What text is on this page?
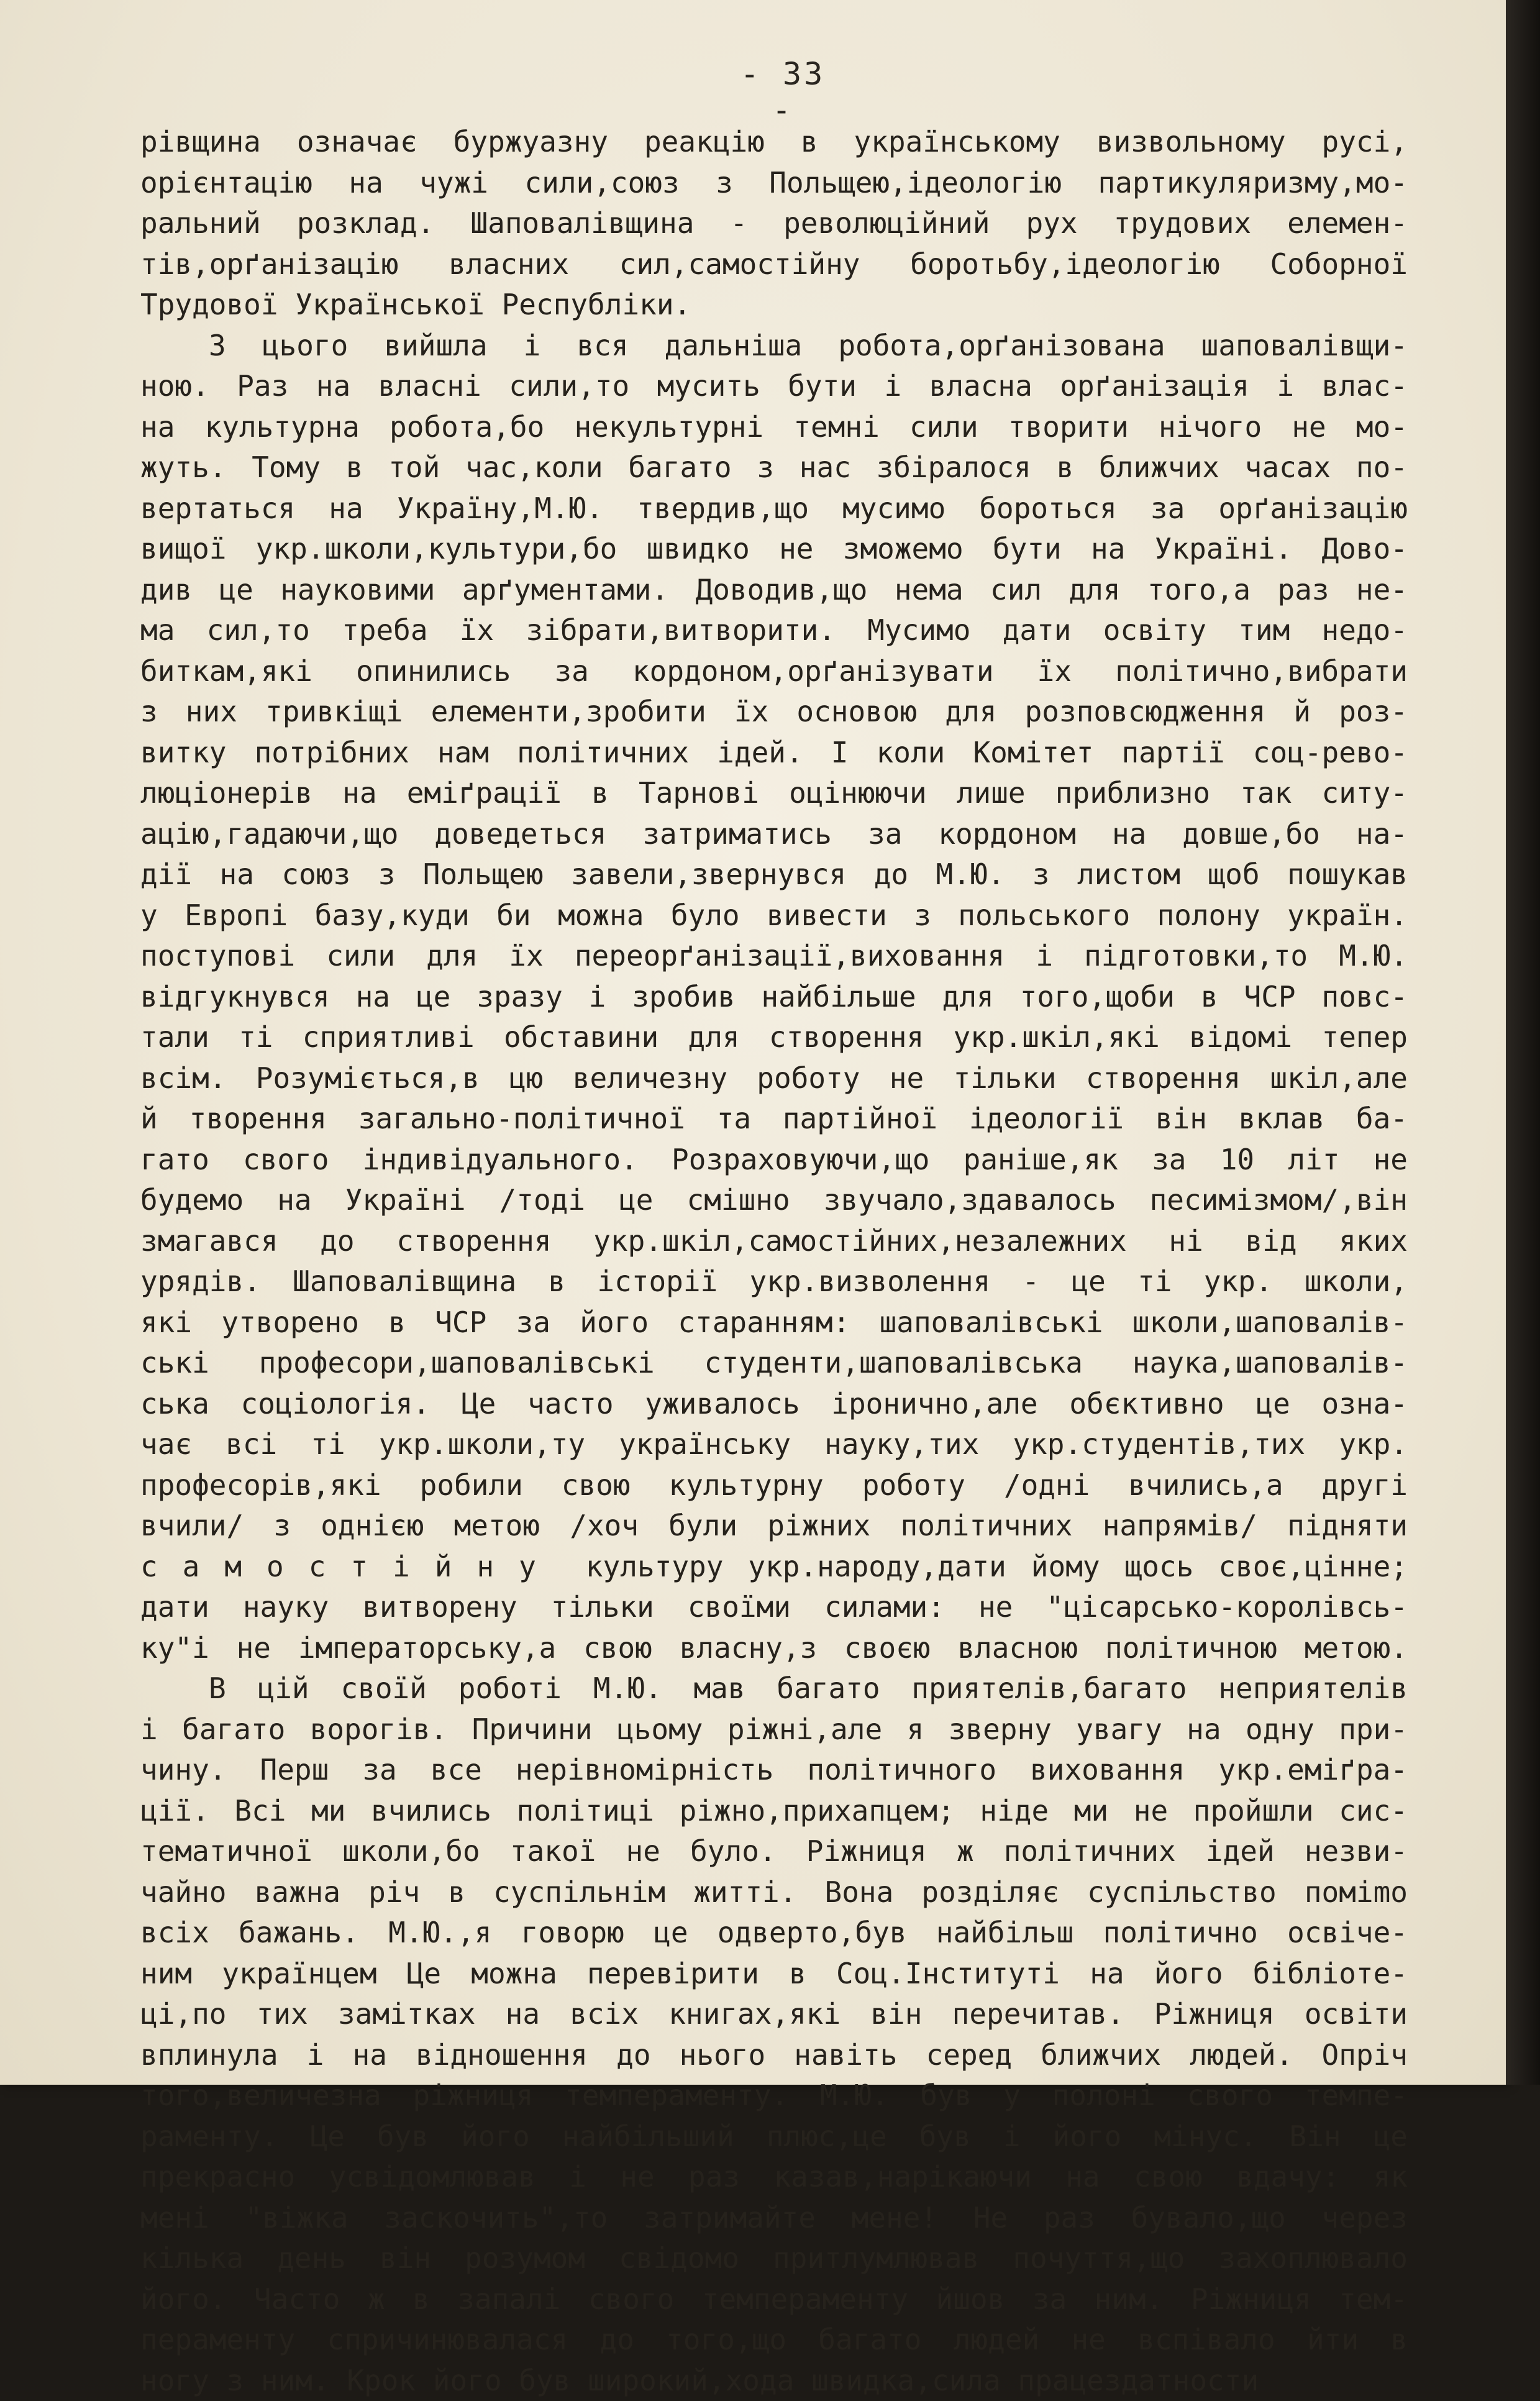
- 33 -
рівщина означає буржуазну реакцію в українському визвольному русі,
орієнтацію на чужі сили,союз з Польщею,ідеологію партикуляризму,мо-
ральний розклад. Шаповалівщина - революційний рух трудових елемен-
тів,орґанізацію власних сил,самостійну боротьбу,ідеологію Соборної
Трудової Української Республіки.
З цього вийшла і вся дальніша робота,орґанізована шаповалівщи-
ною. Раз на власні сили,то мусить бути і власна орґанізація і влас-
на культурна робота,бо некультурні темні сили творити нічого не мо-
жуть. Тому в той час,коли багато з нас збіралося в ближчих часах по-
вертаться на Україну,М.Ю. твердив,що мусимо бороться за орґанізацію
вищої укр.школи,культури,бо швидко не зможемо бути на Україні. Дово-
див це науковими арґументами. Доводив,що нема сил для того,а раз не-
ма сил,то треба їх зібрати,витворити. Мусимо дати освіту тим недо-
биткам,які опинились за кордоном,орґанізувати їх політично,вибрати
з них тривкіщі елементи,зробити їх основою для розповсюдження й роз-
витку потрібних нам політичних ідей. І коли Комітет партії соц-рево-
люціонерів на еміґрації в Тарнові оцінюючи лише приблизно так ситу-
ацію,гадаючи,що доведеться затриматись за кордоном на довше,бо на-
дії на союз з Польщею завели,звернувся до М.Ю. з листом щоб пошукав
у Европі базу,куди би можна було вивести з польського полону україн.
поступові сили для їх переорґанізації,виховання і підготовки,то М.Ю.
відгукнувся на це зразу і зробив найбільше для того,щоби в ЧСР повс-
тали ті сприятливі обставини для створення укр.шкіл,які відомі тепер
всім. Розуміється,в цю величезну роботу не тільки створення шкіл,але
й творення загально-політичної та партійної ідеології він вклав ба-
гато свого індивідуального. Розраховуючи,що раніше,як за 10 літ не
будемо на Україні /тоді це смішно звучало,здавалось песимізмом/,він
змагався до створення укр.шкіл,самостійних,незалежних ні від яких
урядів. Шаповалівщина в історії укр.визволення - це ті укр. школи,
які утворено в ЧСР за його старанням: шаповалівські школи,шаповалів-
ські професори,шаповалівські студенти,шаповалівська наука,шаповалів-
ська соціологія. Це часто уживалось іронично,але обєктивно це озна-
чає всі ті укр.школи,ту українську науку,тих укр.студентів,тих укр.
професорів,які робили свою культурну роботу /одні вчились,а другі
вчили/ з однією метою /хоч були ріжних політичних напрямів/ підняти
с а м о с т і й н у  культуру укр.народу,дати йому щось своє,цінне;
дати науку витворену тільки своїми силами: не "цісарсько-королівсь-
ку"і не імператорську,а свою власну,з своєю власною політичною метою.
В цій своїй роботі М.Ю. мав багато приятелів,багато неприятелів
і багато ворогів. Причини цьому ріжні,але я зверну увагу на одну при-
чину. Перш за все нерівномірність політичного виховання укр.еміґра-
ції. Всі ми вчились політиці ріжно,прихапцем; ніде ми не пройшли сис-
тематичної школи,бо такої не було. Ріжниця ж політичних ідей незви-
чайно важна річ в суспільнім житті. Вона розділяє суспільство поміmo
всіх бажань. М.Ю.,я говорю це одверто,був найбільш політично освіче-
ним українцем Це можна перевірити в Соц.Інституті на його бібліоте-
ці,по тих замітках на всіх книгах,які він перечитав. Ріжниця освіти
вплинула і на відношення до нього навіть серед ближчих людей. Опріч
того,величезна ріжниця темпераменту. М.Ю. був у полоні свого темпе-
раменту. Це був його найбільший плюс,це був і його мінус. Він це
прекрасно усвідомлював і не раз казав,нарікаючи на свою вдачу: як
мені "віжка заскочить",то затримайте мене! Не раз бувало,що через
кілька день він розумом свідомо притлумлював почуття,що захоплювало
його. Часто ж в запалі свого темпераменту йшов за ним. Ріжниця тем-
пераменту спричинювалася до того,що багато людей не вспівало йти в
ногу з ним. Крок його був широкий,хода швидка,сила працездатности
